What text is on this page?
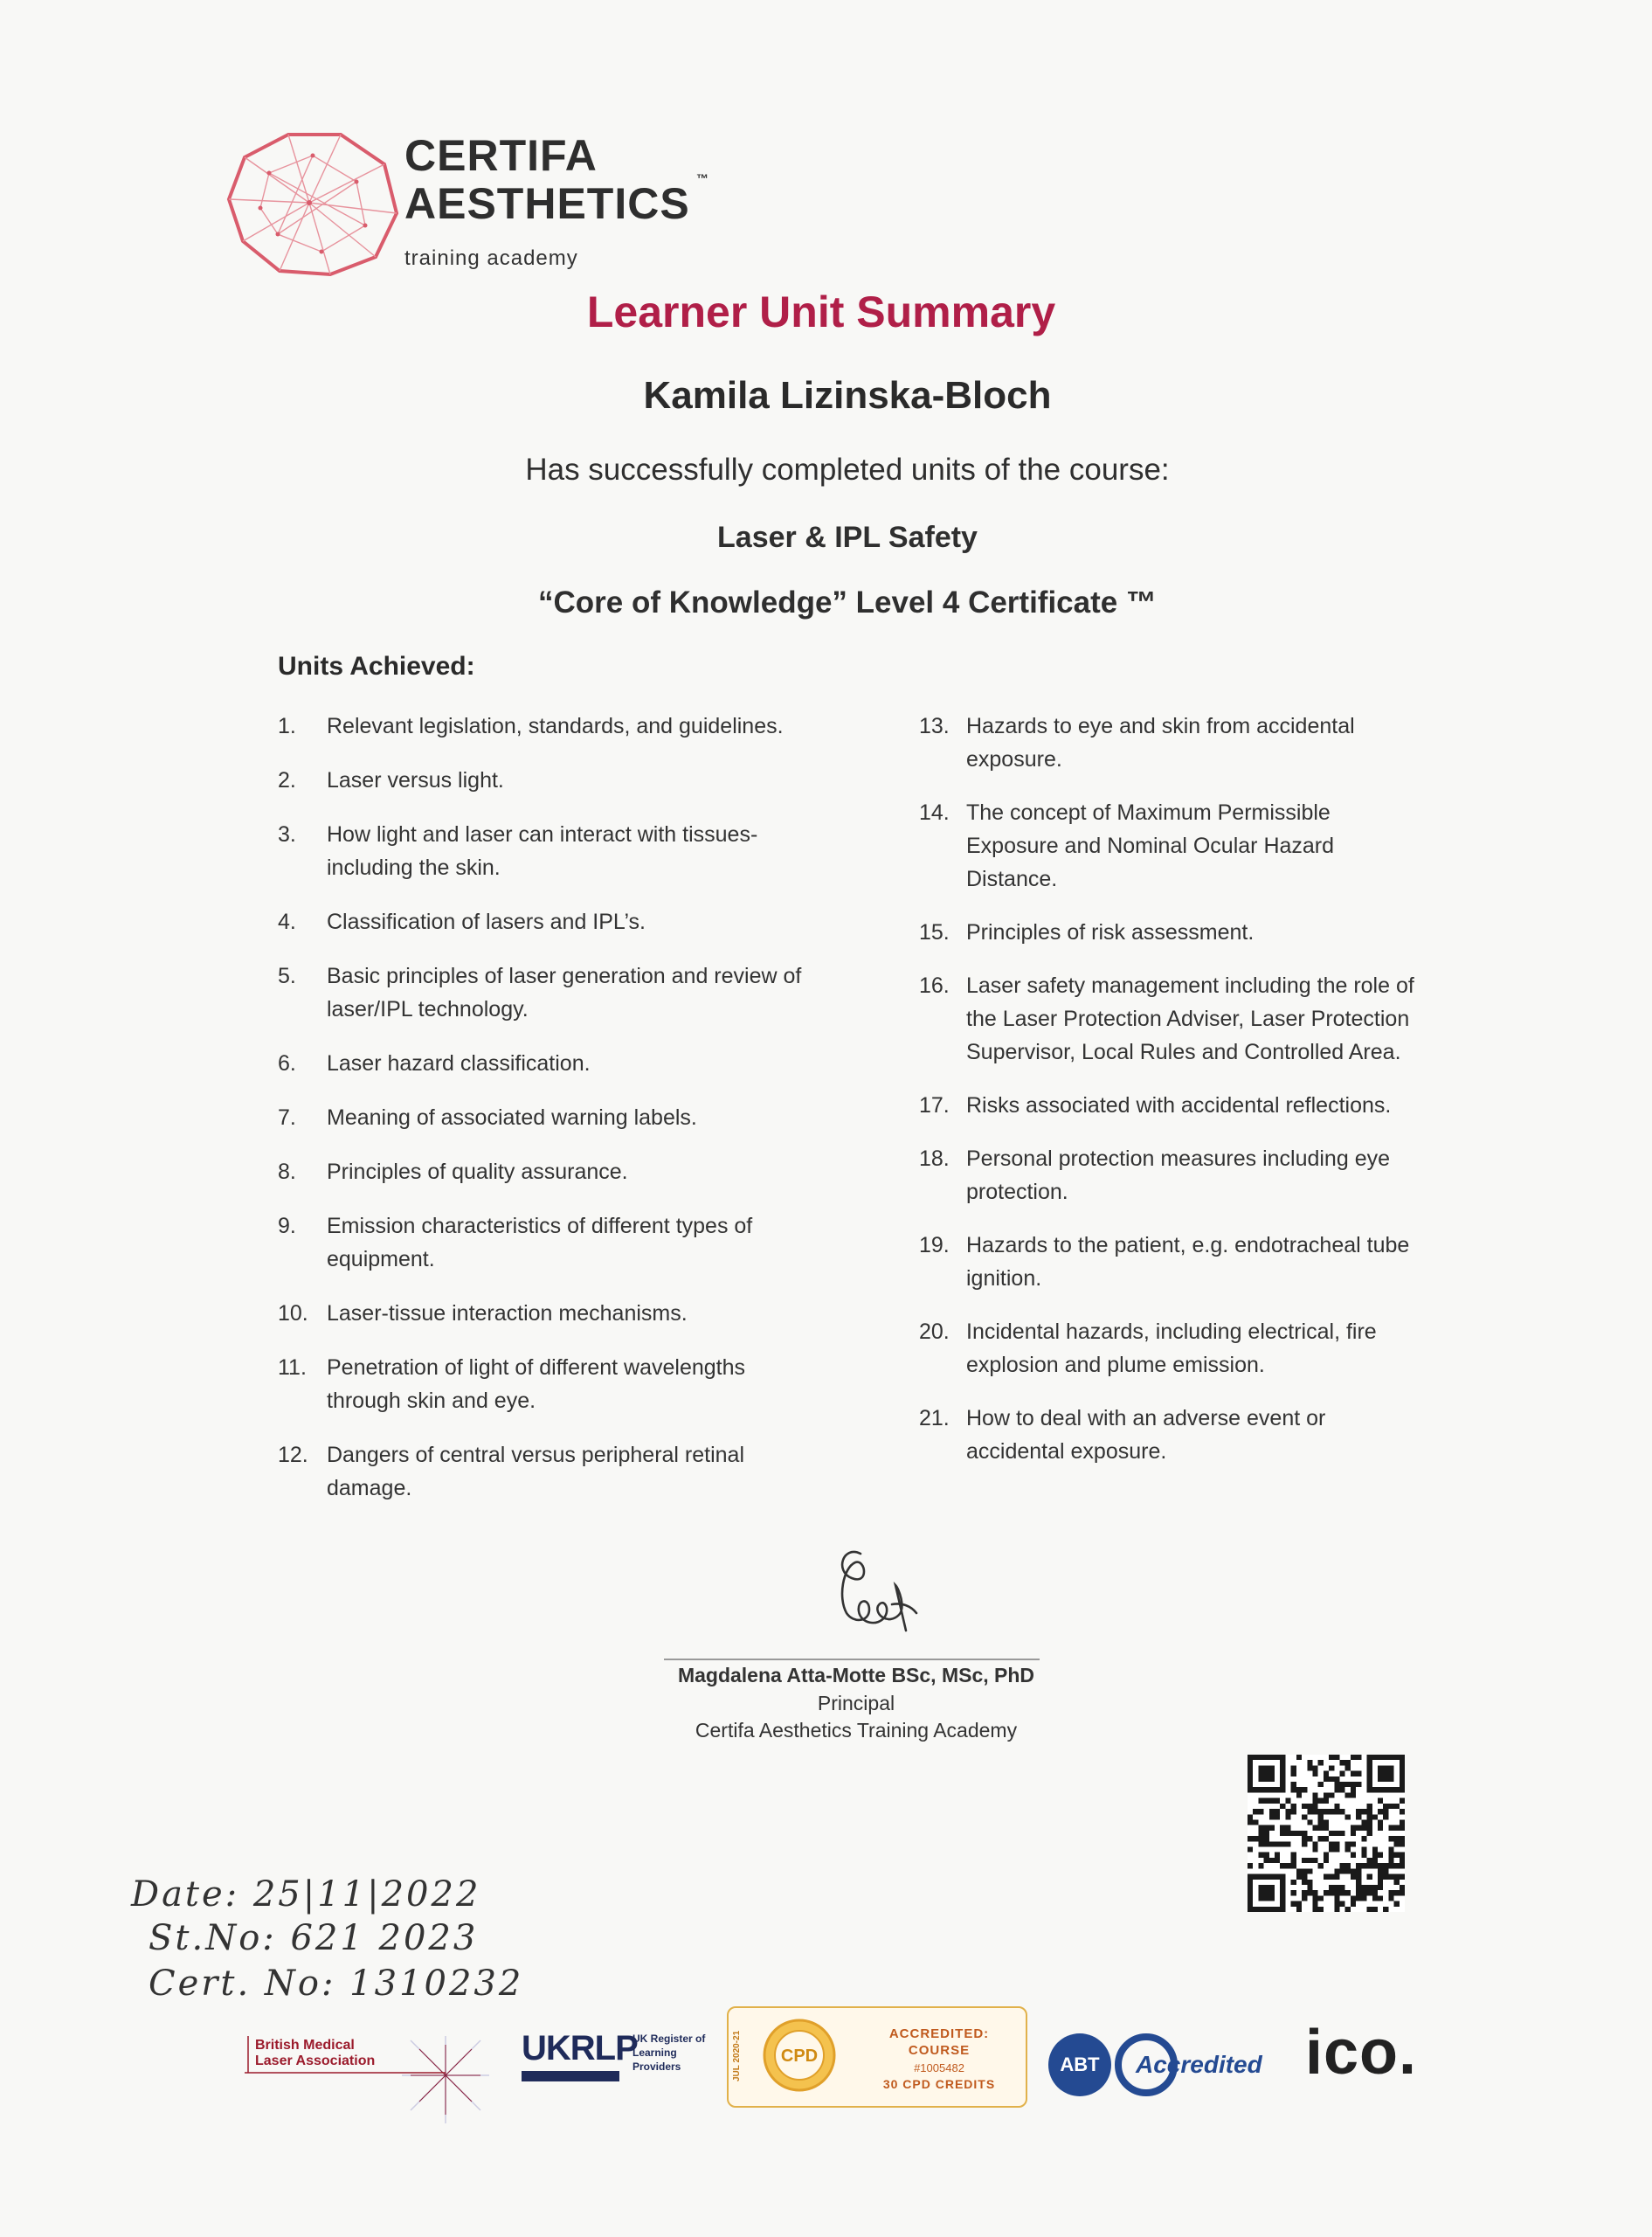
CERTIFA
AESTHETICS
™
training academy
Learner Unit Summary
Kamila Lizinska-Bloch
Has successfully completed units of the course:
Laser & IPL Safety
“Core of Knowledge” Level 4 Certificate ™
Units Achieved:
1.	Relevant legislation, standards, and guidelines.
2.	Laser versus light.
3.	How light and laser can interact with tissues- including the skin.
4.	Classification of lasers and IPL’s.
5.	Basic principles of laser generation and review of laser/IPL technology.
6.	Laser hazard classification.
7.	Meaning of associated warning labels.
8.	Principles of quality assurance.
9.	Emission characteristics of different types of equipment.
10. Laser-tissue interaction mechanisms.
11. Penetration of light of different wavelengths through skin and eye.
12. Dangers of central versus peripheral retinal damage.
13. Hazards to eye and skin from accidental exposure.
14. The concept of Maximum Permissible Exposure and Nominal Ocular Hazard Distance.
15. Principles of risk assessment.
16. Laser safety management including the role of the Laser Protection Adviser, Laser Protection Supervisor, Local Rules and Controlled Area.
17. Risks associated with accidental reflections.
18. Personal protection measures including eye protection.
19. Hazards to the patient, e.g. endotracheal tube ignition.
20. Incidental hazards, including electrical, fire explosion and plume emission.
21. How to deal with an adverse event or accidental exposure.
Magdalena Atta-Motte BSc, MSc, PhD
Principal
Certifa Aesthetics Training Academy
Date: 25|11|2022
St.No: 621 2023
Cert. No: 1310232
British Medical
Laser Association	UKRLP
UK Register of Learning Providers	JUL 2020-21	CPD
ACCREDITED:
COURSE
#1005482
30 CPD CREDITS
ABT Accredited ico.
